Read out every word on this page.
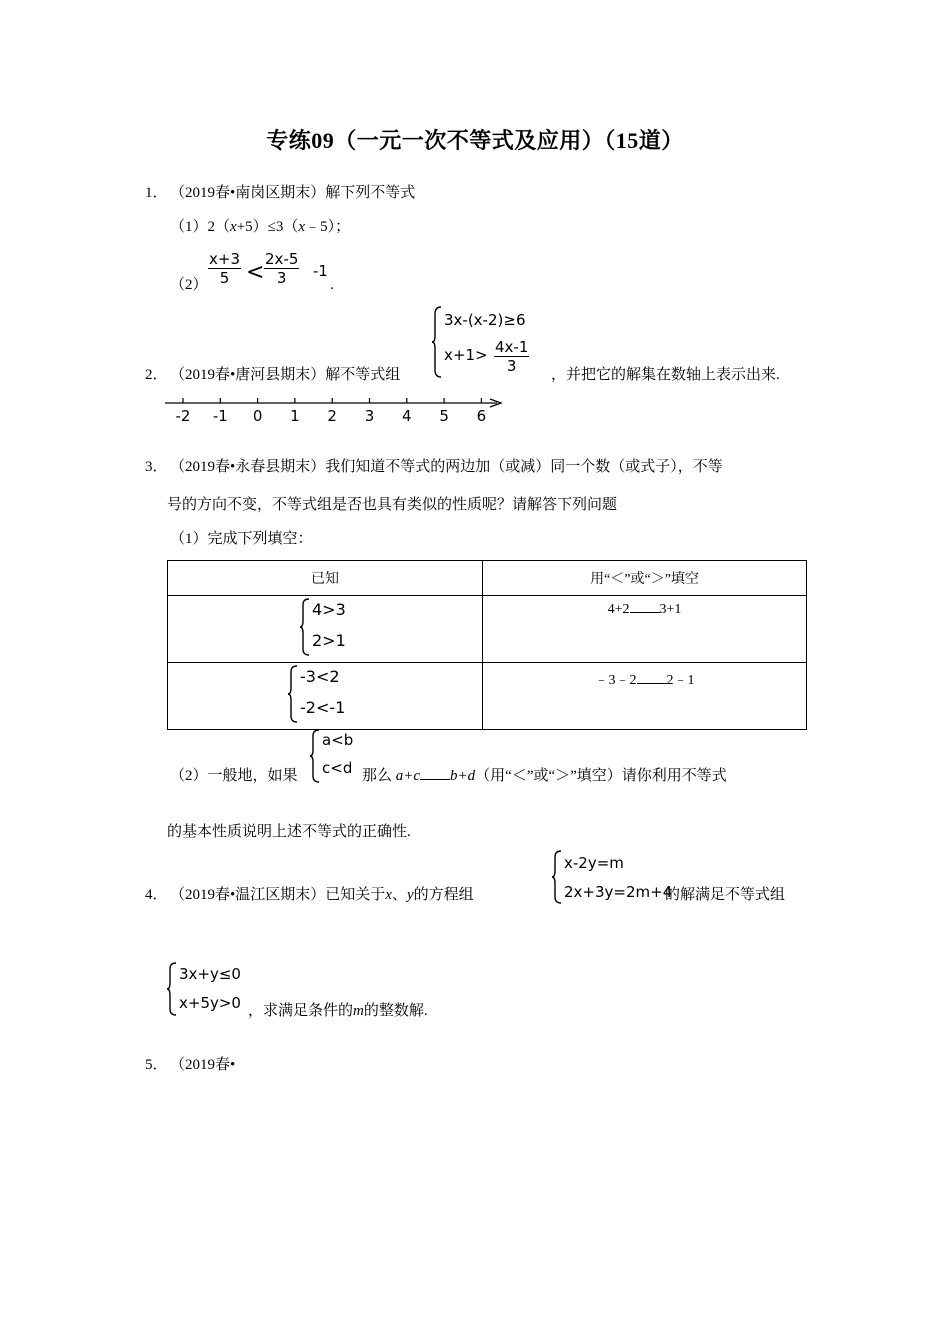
专练09（一元一次不等式及应用）（15道）
1． （2019春•南岗区期末）解下列不等式
（1）2（x+5）≤3（x﹣5）；
$(2) \frac{x+3}{5} < \frac{2x-5}{3} -1$
.
2． （2019春•唐河县期末）解不等式组
3x-(x-2)≥6
$x+1> \frac{4x-1}{3}$ ，并把它的解集在数轴上表示出来.
-2 -1 0 1 2 3 4 5 6
3． （2019春•永春县期末）我们知道不等式的两边加（或减）同一个数（或式子），不等
号的方向不变，不等式组是否也具有类似的性质呢？请解答下列问题
（1）完成下列填空：
已知	用“＜”或“＞”填空

4>3
2>1	4+2 3+1

-3<2
-2<-1	﹣3﹣2 2﹣1
（2）一般地，如果
a<b
c<d 那么 a+c b+d（用“＜”或“＞”填空）请你利用不等式
的基本性质说明上述不等式的正确性.
4． （2019春•温江区期末）已知关于x、y的方程组
x-2y=m
2x+3y=2m+4
的解满足不等式组
3x+y≤0
x+5y>0 ，求满足条件的m的整数解.
5． （2019春•
